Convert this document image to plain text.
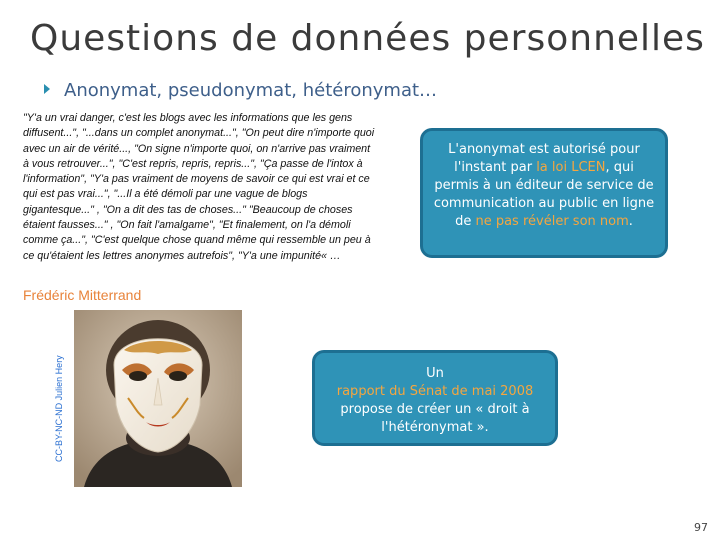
Questions de données personnelles
Anonymat, pseudonymat, hétéronymat…
"Y'a un vrai danger, c'est les blogs avec les informations que les gens diffusent...", "...dans un complet anonymat...", "On peut dire n'importe quoi avec un air de vérité..., "On signe n'importe quoi, on n'arrive pas vraiment à vous retrouver...", "C'est repris, repris, repris...", "Ça passe de l'intox à l'information", "Y'a pas vraiment de moyens de savoir ce qui est vrai et ce qui est pas vrai...", "...Il a été démoli par une vague de blogs gigantesque..." , "On a dit des tas de choses..." "Beaucoup de choses étaient fausses..." , "On fait l'amalgame", "Et finalement, on l'a démoli comme ça...", "C'est quelque chose quand même qui ressemble un peu à ce qu'étaient les lettres anonymes autrefois", "Y'a une impunité« …
Frédéric Mitterrand
CC-BY-NC-ND Julien Hery

L'anonymat est autorisé pour l'instant par la loi LCEN, qui permis à un éditeur de service de communication au public en ligne de ne pas révéler son nom.

Un
rapport du Sénat de mai 2008 propose de créer un « droit à l'hétéronymat ».

97
